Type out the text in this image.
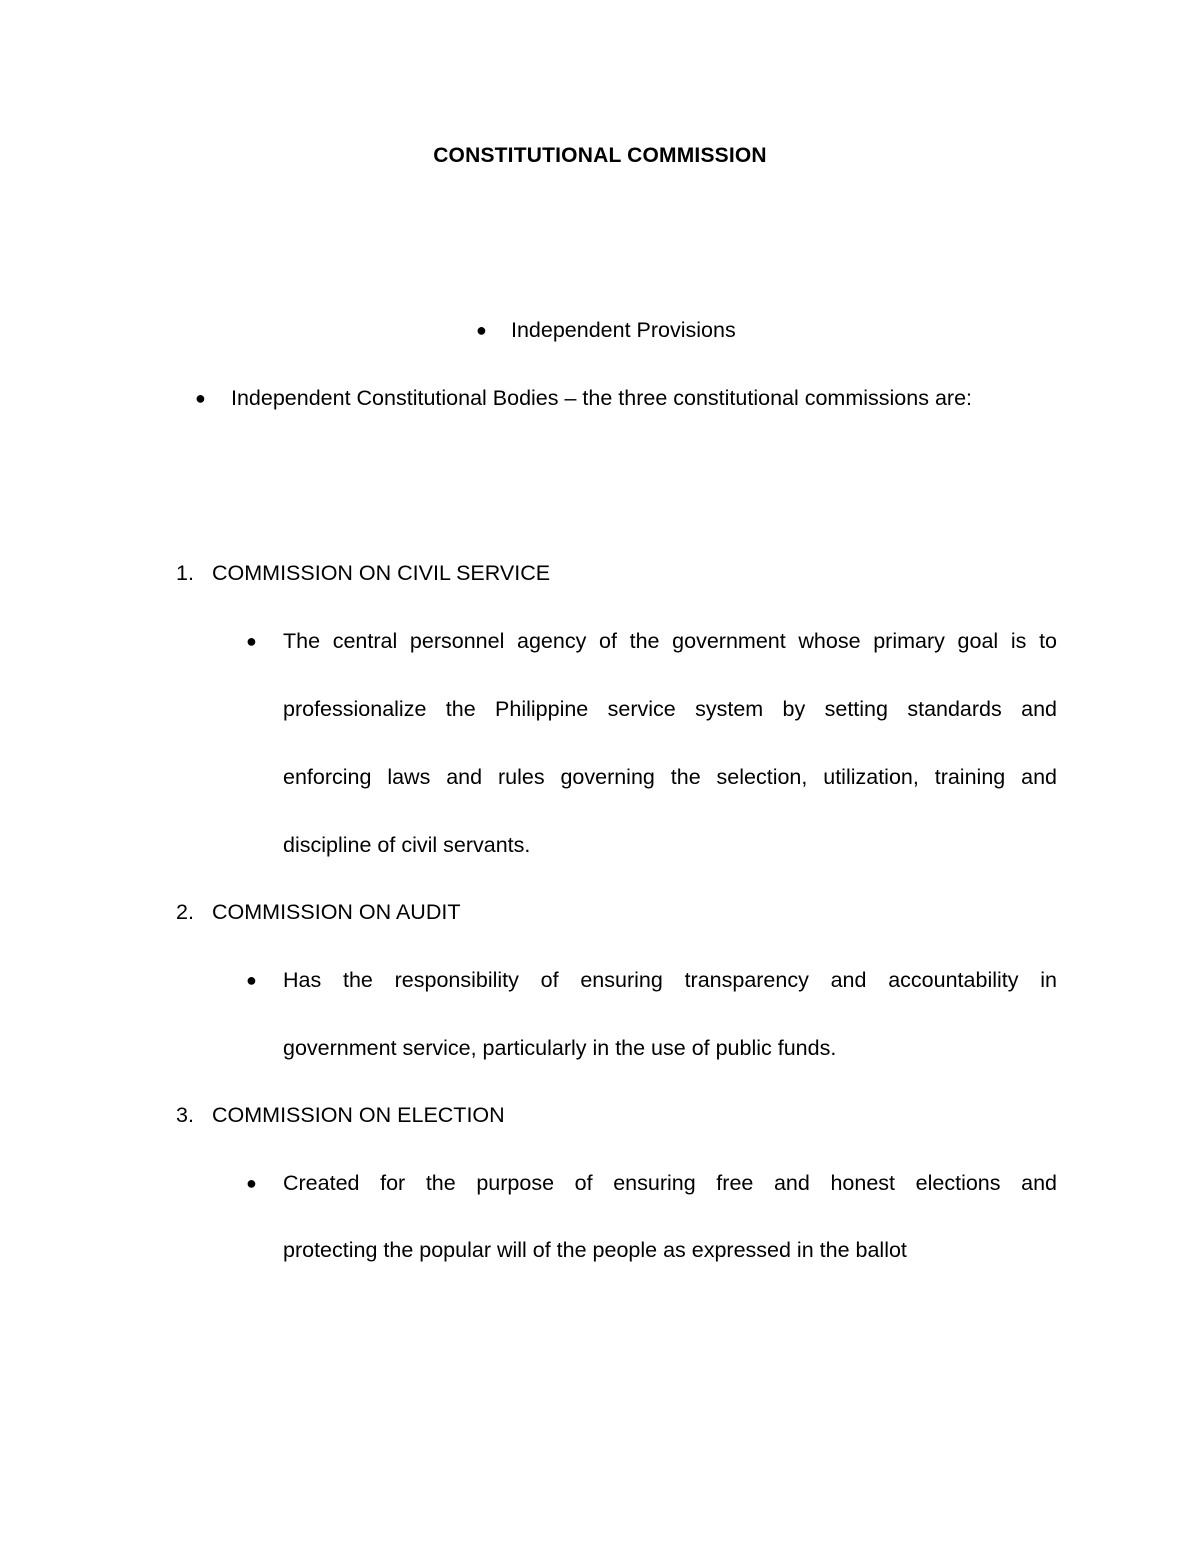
CONSTITUTIONAL COMMISSION
● Independent Provisions
● Independent Constitutional Bodies – the three constitutional commissions are:
1. COMMISSION ON CIVIL SERVICE
● The central personnel agency of the government whose primary goal is to
professionalize the Philippine service system by setting standards and
enforcing laws and rules governing the selection, utilization, training and
discipline of civil servants.
2. COMMISSION ON AUDIT
● Has the responsibility of ensuring transparency and accountability in
government service, particularly in the use of public funds.
3. COMMISSION ON ELECTION
● Created for the purpose of ensuring free and honest elections and
protecting the popular will of the people as expressed in the ballot
